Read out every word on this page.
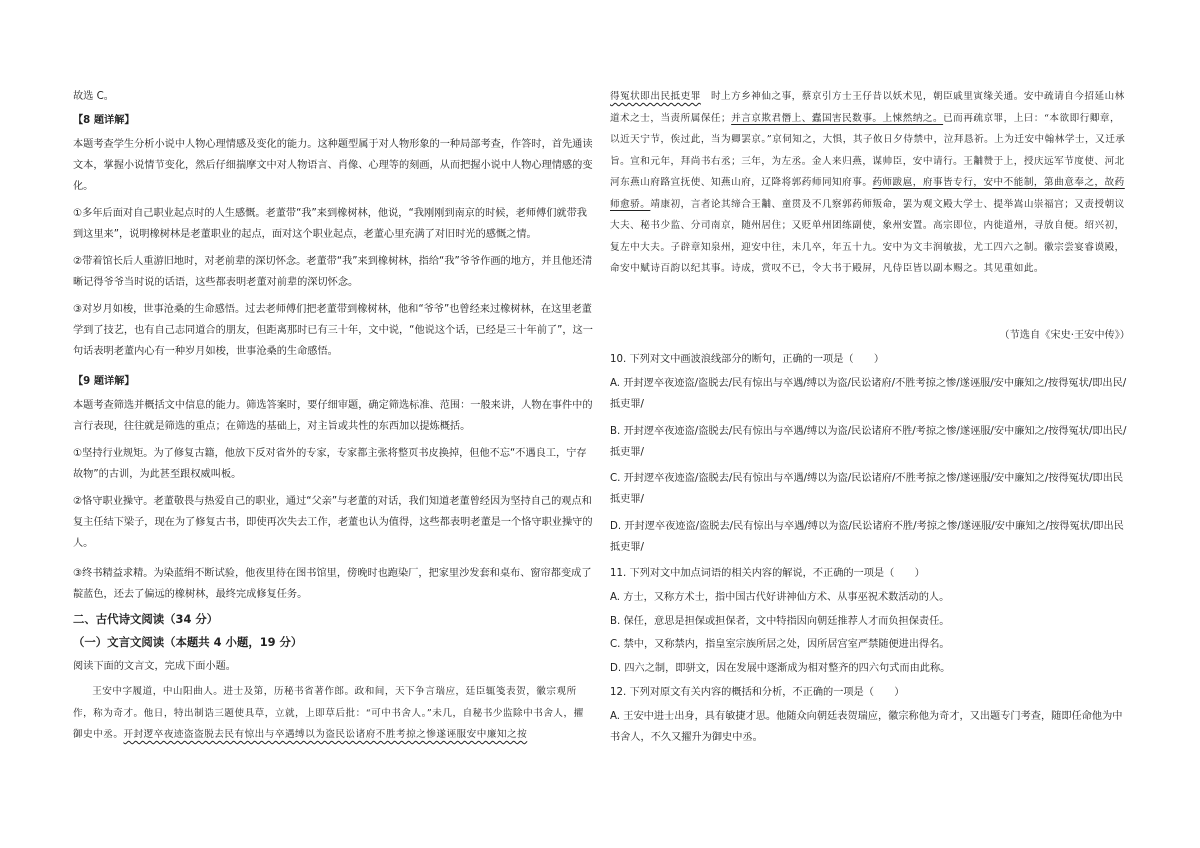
故选 C。
【8 题详解】
本题考查学生分析小说中人物心理情感及变化的能力。这种题型属于对人物形象的一种局部考查，作答时，首先通读文本，掌握小说情节变化，然后仔细揣摩文中对人物语言、肖像、心理等的刻画，从而把握小说中人物心理情感的变化。
①多年后面对自己职业起点时的人生感慨。老董带“我”来到橡树林，他说，“我刚刚到南京的时候，老师傅们就带我到这里来”，说明橡树林是老董职业的起点，面对这个职业起点，老董心里充满了对旧时光的感慨之情。
②带着馆长后人重游旧地时，对老前辈的深切怀念。老董带“我”来到橡树林，指给“我”爷爷作画的地方，并且他还清晰记得爷爷当时说的话语，这些都表明老董对前辈的深切怀念。
③对岁月如梭，世事沧桑的生命感悟。过去老师傅们把老董带到橡树林，他和“爷爷”也曾经来过橡树林，在这里老董学到了技艺，也有自己志同道合的朋友，但距离那时已有三十年，文中说，“他说这个话，已经是三十年前了”，这一句话表明老董内心有一种岁月如梭，世事沧桑的生命感悟。
【9 题详解】
本题考查筛选并概括文中信息的能力。筛选答案时，要仔细审题，确定筛选标准、范围：一般来讲，人物在事件中的言行表现，往往就是筛选的重点；在筛选的基础上，对主旨或共性的东西加以提炼概括。
①坚持行业规矩。为了修复古籍，他放下反对省外的专家，专家都主张将整页书皮换掉，但他不忘“不遇良工，宁存故物”的古训，为此甚至跟权威叫板。
②恪守职业操守。老董敬畏与热爱自己的职业，通过“父亲”与老董的对话，我们知道老董曾经因为坚持自己的观点和复主任结下梁子，现在为了修复古书，即使再次失去工作，老董也认为值得，这些都表明老董是一个恪守职业操守的人。
③终书精益求精。为染蓝绢不断试验，他夜里待在图书馆里，傍晚时也跑染厂，把家里沙发套和桌布、窗帘都变成了靛蓝色，还去了偏远的橡树林，最终完成修复任务。
二、古代诗文阅读（34 分）
（一）文言文阅读（本题共 4 小题，19 分）
阅读下面的文言文，完成下面小题。
王安中字履道，中山阳曲人。进士及第，历秘书省著作郎。政和间，天下争言瑞应，廷臣辄笺表贺，徽宗观所作，称为奇才。他日，特出制诰三题使具草，立就，上即草后批：“可中书舍人。”未几，自秘书少监除中书舍人，擢御史中丞。开封逻卒夜迹盗盗脱去民有惊出与卒遇缚以为盗民讼诸府不胜考掠之惨遂诬服安中廉知之按
得冤状即出民抵吏罪　 时上方乡神仙之事，蔡京引方士王仔昔以妖术见，朝臣戚里寅缘关通。安中疏请自今招延山林道术之士，当责所属保任；并言京欺君僭上、蠹国害民数事。上悚然纳之。已而再疏京罪，上曰：“本欲即行卿章，以近天宁节，俟过此，当为卿罢京。”京伺知之，大惧，其子攸日夕侍禁中，泣拜恳祈。上为迁安中翰林学士，又迁承旨。宣和元年，拜尚书右丞；三年，为左丞。金人来归燕，谋帅臣，安中请行。王黼赞于上，授庆远军节度使、河北河东燕山府路宣抚使、知燕山府，辽降将郭药师同知府事。药师跋扈，府事皆专行，安中不能制，第曲意奉之，故药师愈骄。靖康初，言者论其缔合王黼、童贯及不几察郭药师叛命，罢为观文殿大学士、提举嵩山崇福宫；又责授朝议大夫、秘书少监、分司南京，随州居住；又贬单州团练副使，象州安置。高宗即位，内徙道州，寻放自便。绍兴初，复左中大夫。子辟章知泉州，迎安中往，未几卒，年五十九。安中为文丰润敏拔，尤工四六之制。徽宗尝宴睿谟殿，命安中赋诗百韵以纪其事。诗成，赏叹不已，令大书于殿屏，凡侍臣皆以副本赐之。其见重如此。
（节选自《宋史·王安中传》）
10. 下列对文中画波浪线部分的断句，正确的一项是（　　）
A. 开封逻卒夜迹盗/盗脱去/民有惊出与卒遇/缚以为盗/民讼诸府/不胜考掠之惨/遂诬服/安中廉知之/按得冤状/即出民/抵吏罪/
B. 开封逻卒夜迹盗/盗脱去/民有惊出与卒遇/缚以为盗/民讼诸府不胜/考掠之惨/遂诬服/安中廉知之/按得冤状/即出民/抵吏罪/
C. 开封逻卒夜迹盗/盗脱去/民有惊出与卒遇/缚以为盗/民讼诸府/不胜考掠之惨/遂诬服/安中廉知之/按得冤状/即出民抵吏罪/
D. 开封逻卒夜迹盗/盗脱去/民有惊出与卒遇/缚以为盗/民讼诸府不胜/考掠之惨/遂诬服/安中廉知之/按得冤状/即出民抵吏罪/
11. 下列对文中加点词语的相关内容的解说，不正确的一项是（　　）
A. 方士，又称方术士，指中国古代好讲神仙方术、从事巫祝术数活动的人。
B. 保任，意思是担保或担保者，文中特指因向朝廷推荐人才而负担保责任。
C. 禁中，又称禁内，指皇室宗族所居之处，因所居宫室严禁随便进出得名。
D. 四六之制，即骈文，因在发展中逐渐成为相对整齐的四六句式而由此称。
12. 下列对原文有关内容的概括和分析，不正确的一项是（　　）
A. 王安中进士出身，具有敏捷才思。他随众向朝廷表贺瑞应，徽宗称他为奇才，又出题专门考查，随即任命他为中书舍人，不久又擢升为御史中丞。
